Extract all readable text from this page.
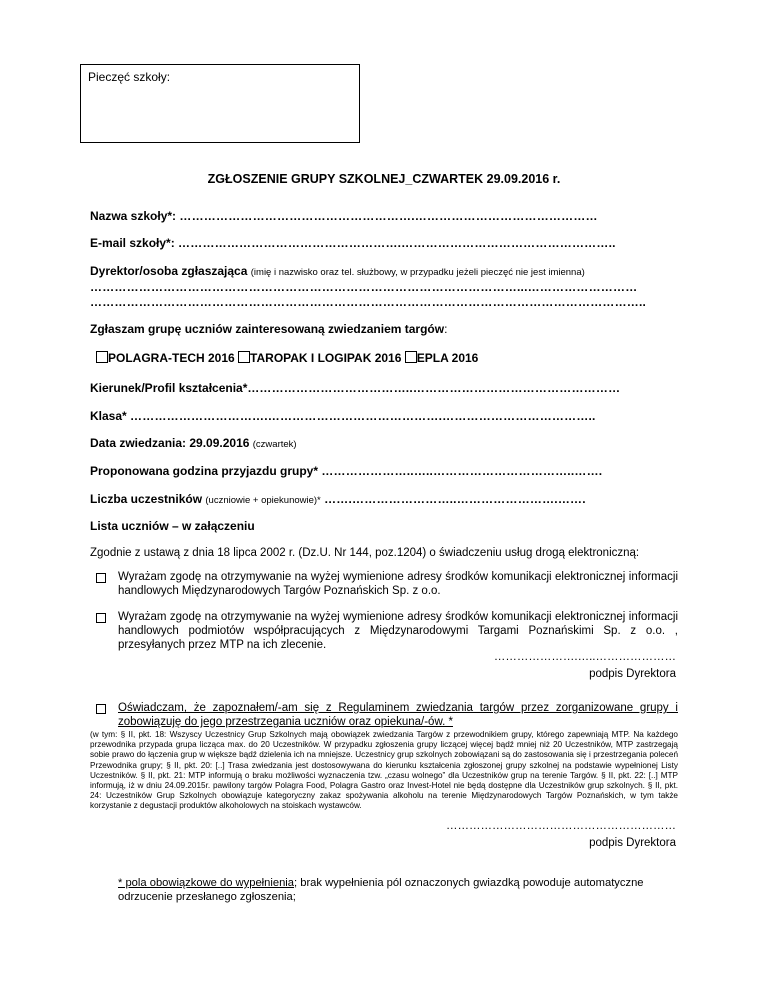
Pieczęć szkoły:
ZGŁOSZENIE GRUPY SZKOLNEJ_CZWARTEK 29.09.2016 r.
Nazwa szkoły*: ………………………………………………….………………………………………
E-mail szkoły*: ……………………………………………….……………………………………………..
Dyrektor/osoba zgłaszająca (imię i nazwisko oraz tel. służbowy, w przypadku jeżeli pieczęć nie jest imienna)
……………………………………………………………………………………………...………………………
………………………………………………………………………………………………………………………..
Zgłaszam grupę uczniów zainteresowaną zwiedzaniem targów:
POLAGRA-TECH 2016 TAROPAK I LOGIPAK 2016 EPLA 2016
Kierunek/Profil kształcenia*…………………………………..……………………………………………
Klasa* …………………………….…………………………………….………………………………..
Data zwiedzania: 29.09.2016 (czwartek)
Proponowana godzina przyjazdu grupy* …………………..…..……………………………..…….
Liczba uczestników (uczniowie + opiekunowie)* …….……………………..…………………….…….
Lista uczniów – w załączeniu
Zgodnie z ustawą z dnia 18 lipca 2002 r. (Dz.U. Nr 144, poz.1204) o świadczeniu usług drogą elektroniczną:
Wyrażam zgodę na otrzymywanie na wyżej wymienione adresy środków komunikacji elektronicznej informacji handlowych Międzynarodowych Targów Poznańskich Sp. z o.o.
Wyrażam zgodę na otrzymywanie na wyżej wymienione adresy środków komunikacji elektronicznej informacji handlowych podmiotów współpracujących z Międzynarodowymi Targami Poznańskimi Sp. z o.o. , przesyłanych przez MTP na ich zlecenie.
………………….…..…………………
podpis Dyrektora
Oświadczam, że zapoznałem/-am się z Regulaminem zwiedzania targów przez zorganizowane grupy i zobowiązuję do jego przestrzegania uczniów oraz opiekuna/-ów. *
(w tym: § II, pkt. 18: Wszyscy Uczestnicy Grup Szkolnych mają obowiązek zwiedzania Targów z przewodnikiem grupy, którego zapewniają MTP. Na każdego przewodnika przypada grupa licząca max. do 20 Uczestników. W przypadku zgłoszenia grupy liczącej więcej bądź mniej niż 20 Uczestników, MTP zastrzegają sobie prawo do łączenia grup w większe bądź dzielenia ich na mniejsze. Uczestnicy grup szkolnych zobowiązani są do zastosowania się i przestrzegania poleceń Przewodnika grupy; § II, pkt. 20: [..] Trasa zwiedzania jest dostosowywana do kierunku kształcenia zgłoszonej grupy szkolnej na podstawie wypełnionej Listy Uczestników. § II, pkt. 21: MTP informują o braku możliwości wyznaczenia tzw. „czasu wolnego” dla Uczestników grup na terenie Targów. § II, pkt. 22: [..] MTP informują, iż w dniu 24.09.2015r. pawilony targów Polagra Food, Polagra Gastro oraz Invest-Hotel nie będą dostępne dla Uczestników grup szkolnych. § II, pkt. 24: Uczestników Grup Szkolnych obowiązuje kategoryczny zakaz spożywania alkoholu na terenie Międzynarodowych Targów Poznańskich, w tym także korzystanie z degustacji produktów alkoholowych na stoiskach wystawców.
……………………………………………………
podpis Dyrektora
* pola obowiązkowe do wypełnienia; brak wypełnienia pól oznaczonych gwiazdką powoduje automatyczne odrzucenie przesłanego zgłoszenia;
